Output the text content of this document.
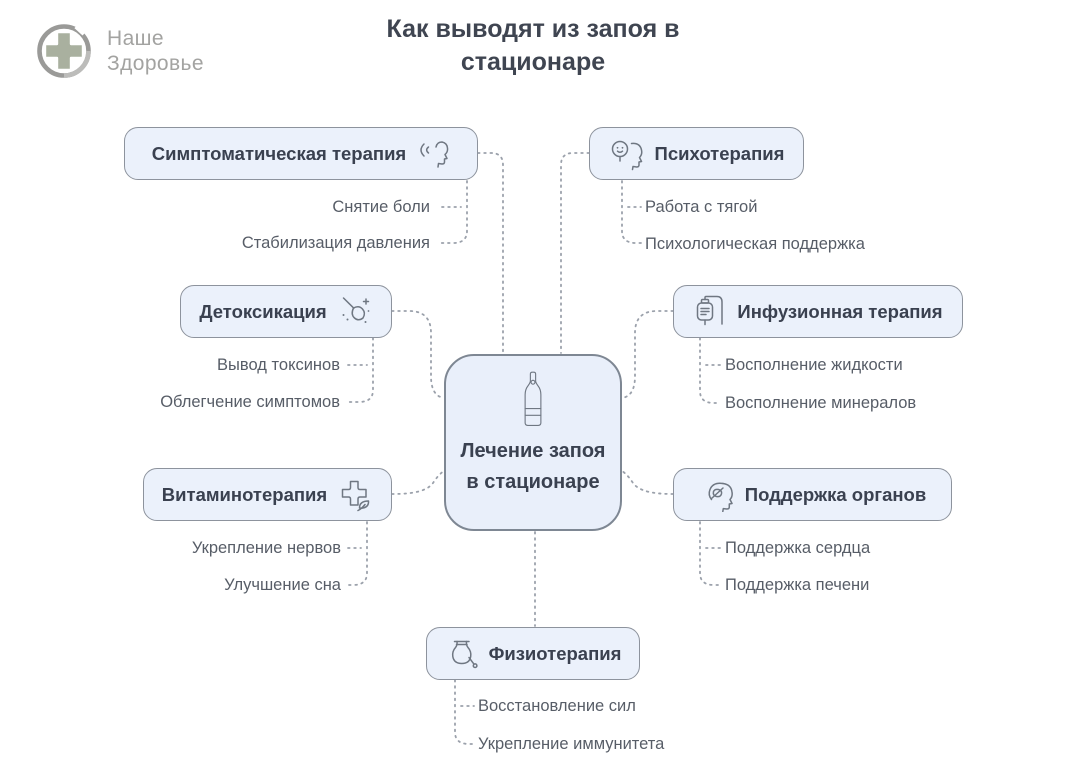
Наше
Здоровье
Как выводят из запоя в стационаре
Симптоматическая терапия	Психотерапия
Детоксикация	Инфузионная терапия
Витаминотерапия	Поддержка органов
Физиотерапия
Лечение запоя в стационаре
Снятие боли
Стабилизация давления
Работа с тягой
Психологическая поддержка
Вывод токсинов
Облегчение симптомов
Восполнение жидкости
Восполнение минералов
Укрепление нервов
Улучшение сна
Поддержка сердца
Поддержка печени
Восстановление сил
Укрепление иммунитета
